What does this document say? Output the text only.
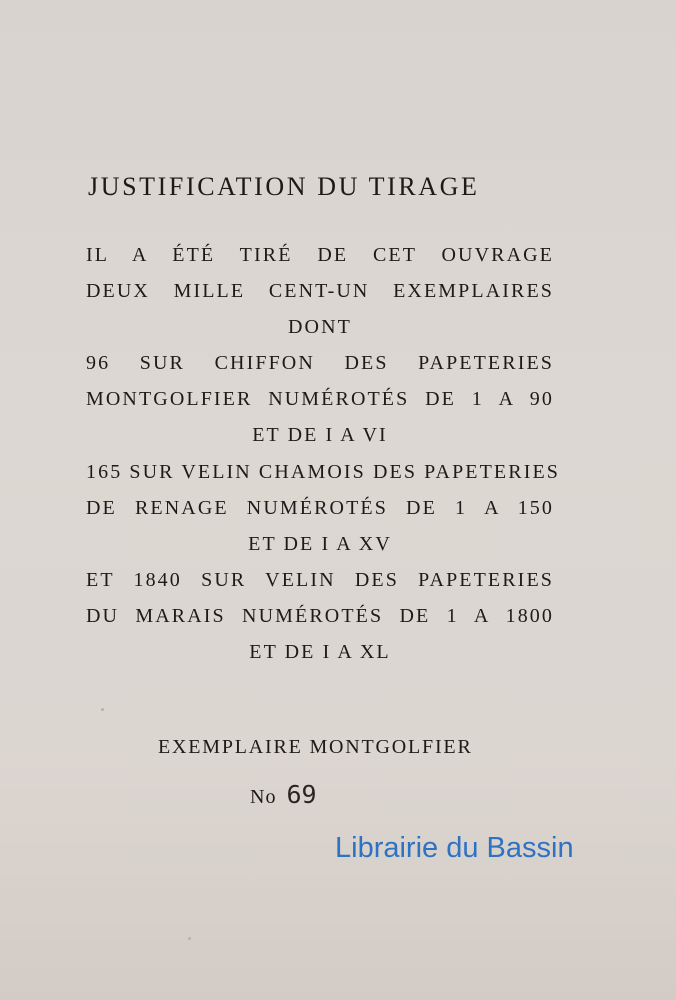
JUSTIFICATION DU TIRAGE
IL A ÉTÉ TIRÉ DE CET OUVRAGE
DEUX MILLE CENT-UN EXEMPLAIRES
DONT
96 SUR CHIFFON DES PAPETERIES
MONTGOLFIER NUMÉROTÉS DE 1 A 90
ET DE I A VI
165 SUR VELIN CHAMOIS DES PAPETERIES
DE RENAGE NUMÉROTÉS DE 1 A 150
ET DE I A XV
ET 1840 SUR VELIN DES PAPETERIES
DU MARAIS NUMÉROTÉS DE 1 A 1800
ET DE I A XL
EXEMPLAIRE MONTGOLFIER
No 69
Librairie du Bassin
